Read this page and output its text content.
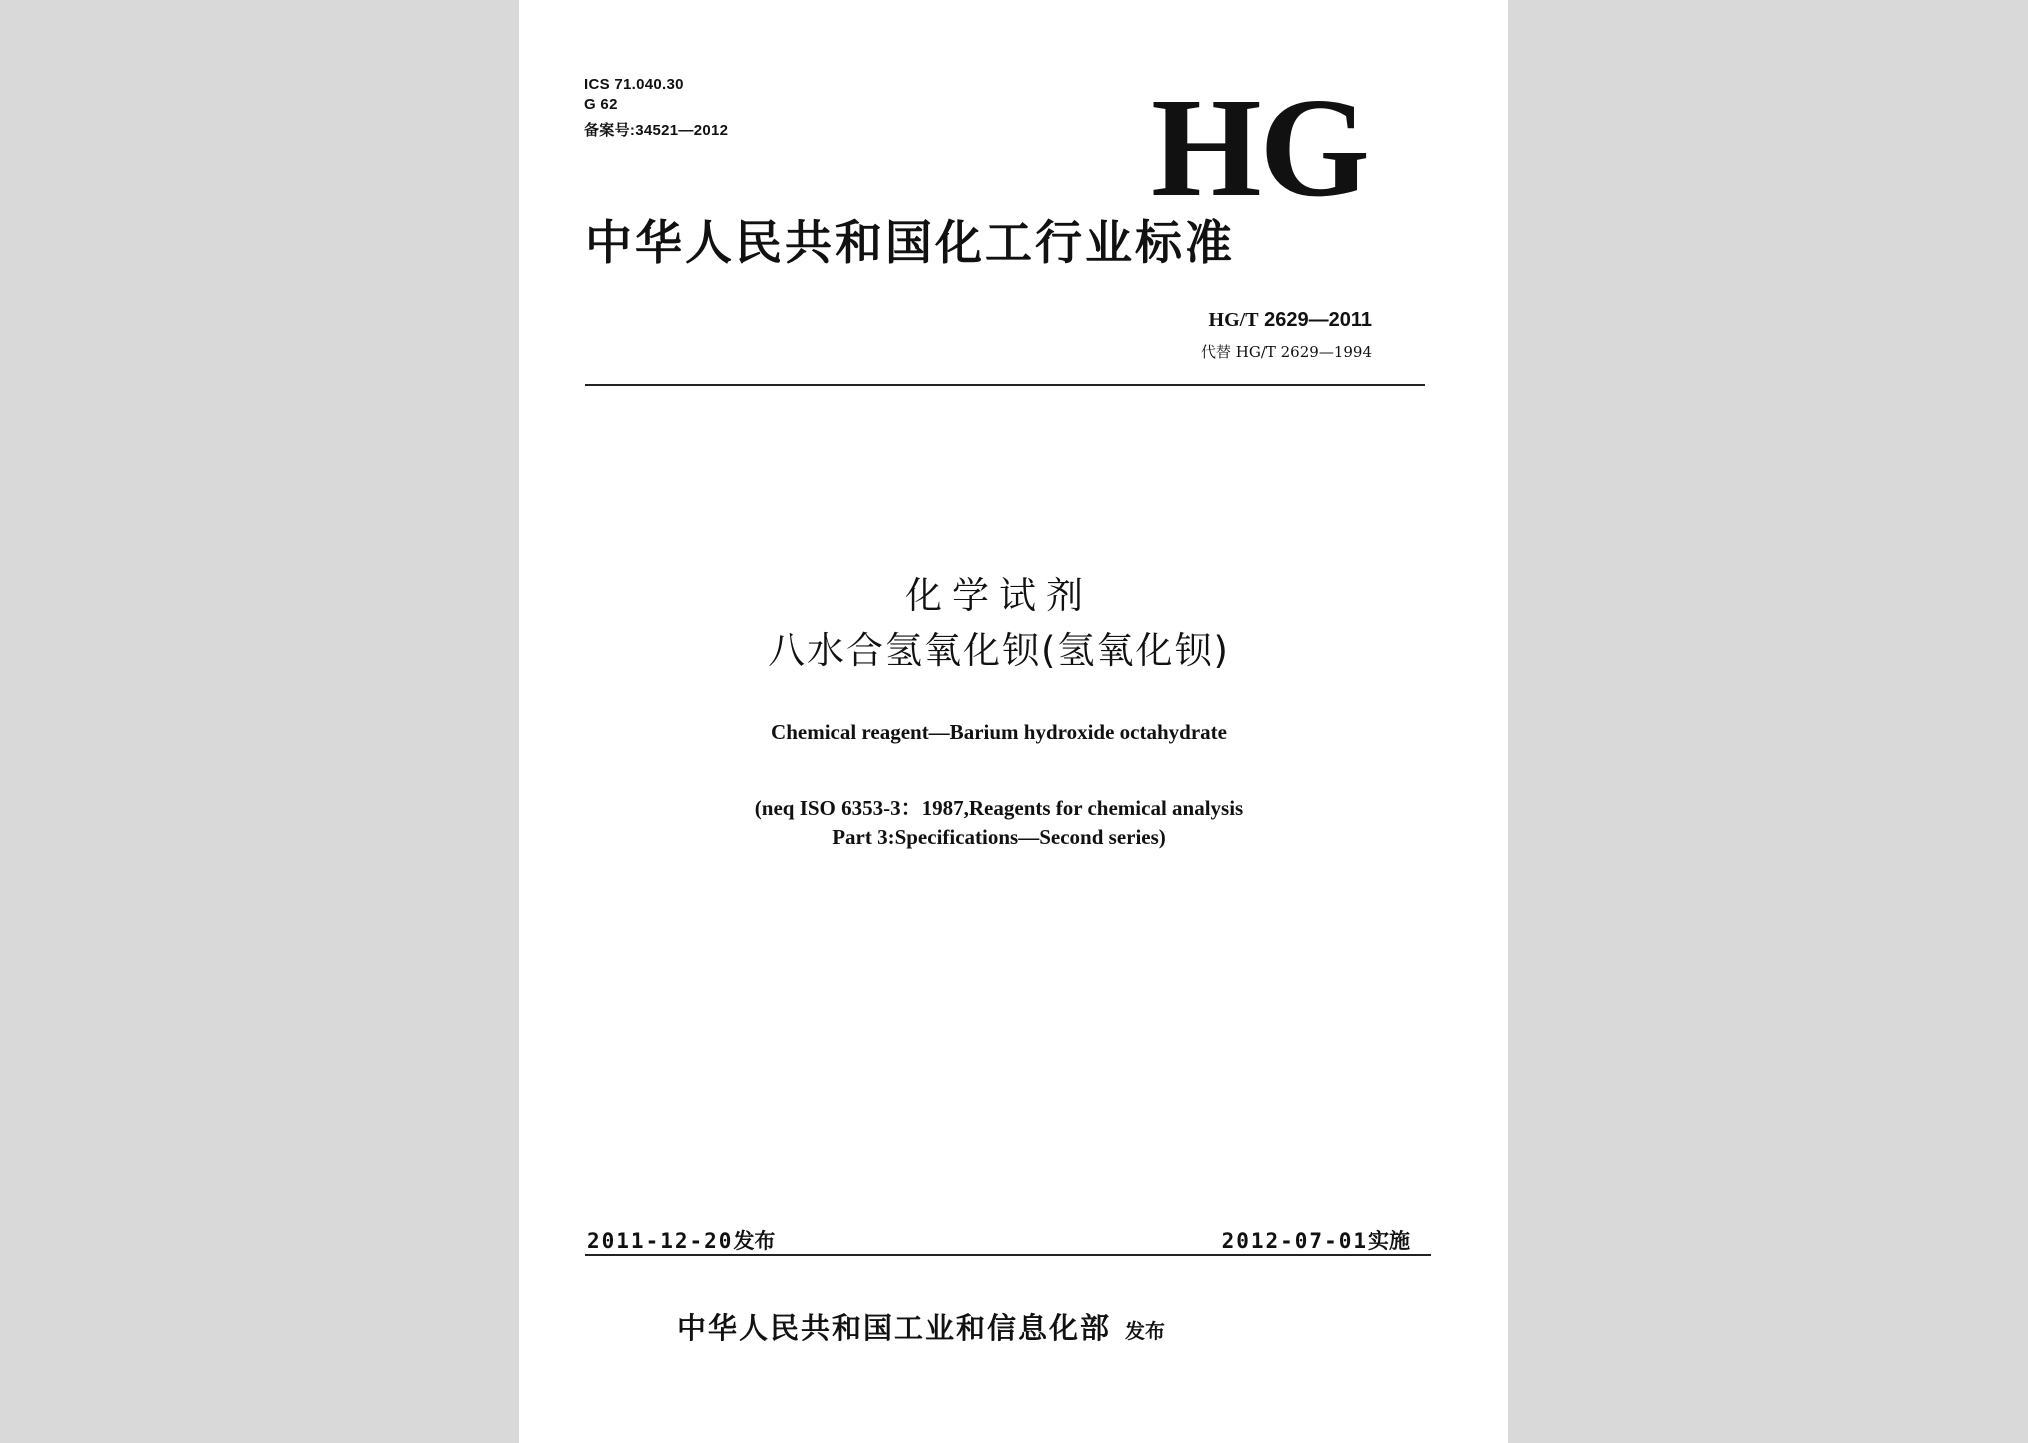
ICS 71.040.30
G 62
备案号:34521—2012	HG
中华人民共和国化工行业标准
HG/T 2629—2011
代替 HG/T 2629—1994
化学试剂
八水合氢氧化钡(氢氧化钡)
Chemical reagent—Barium hydroxide octahydrate
(neq ISO 6353-3：1987,Reagents for chemical analysis
Part 3:Specifications—Second series)
2011-12-20发布	2012-07-01实施
中华人民共和国工业和信息化部 发布
